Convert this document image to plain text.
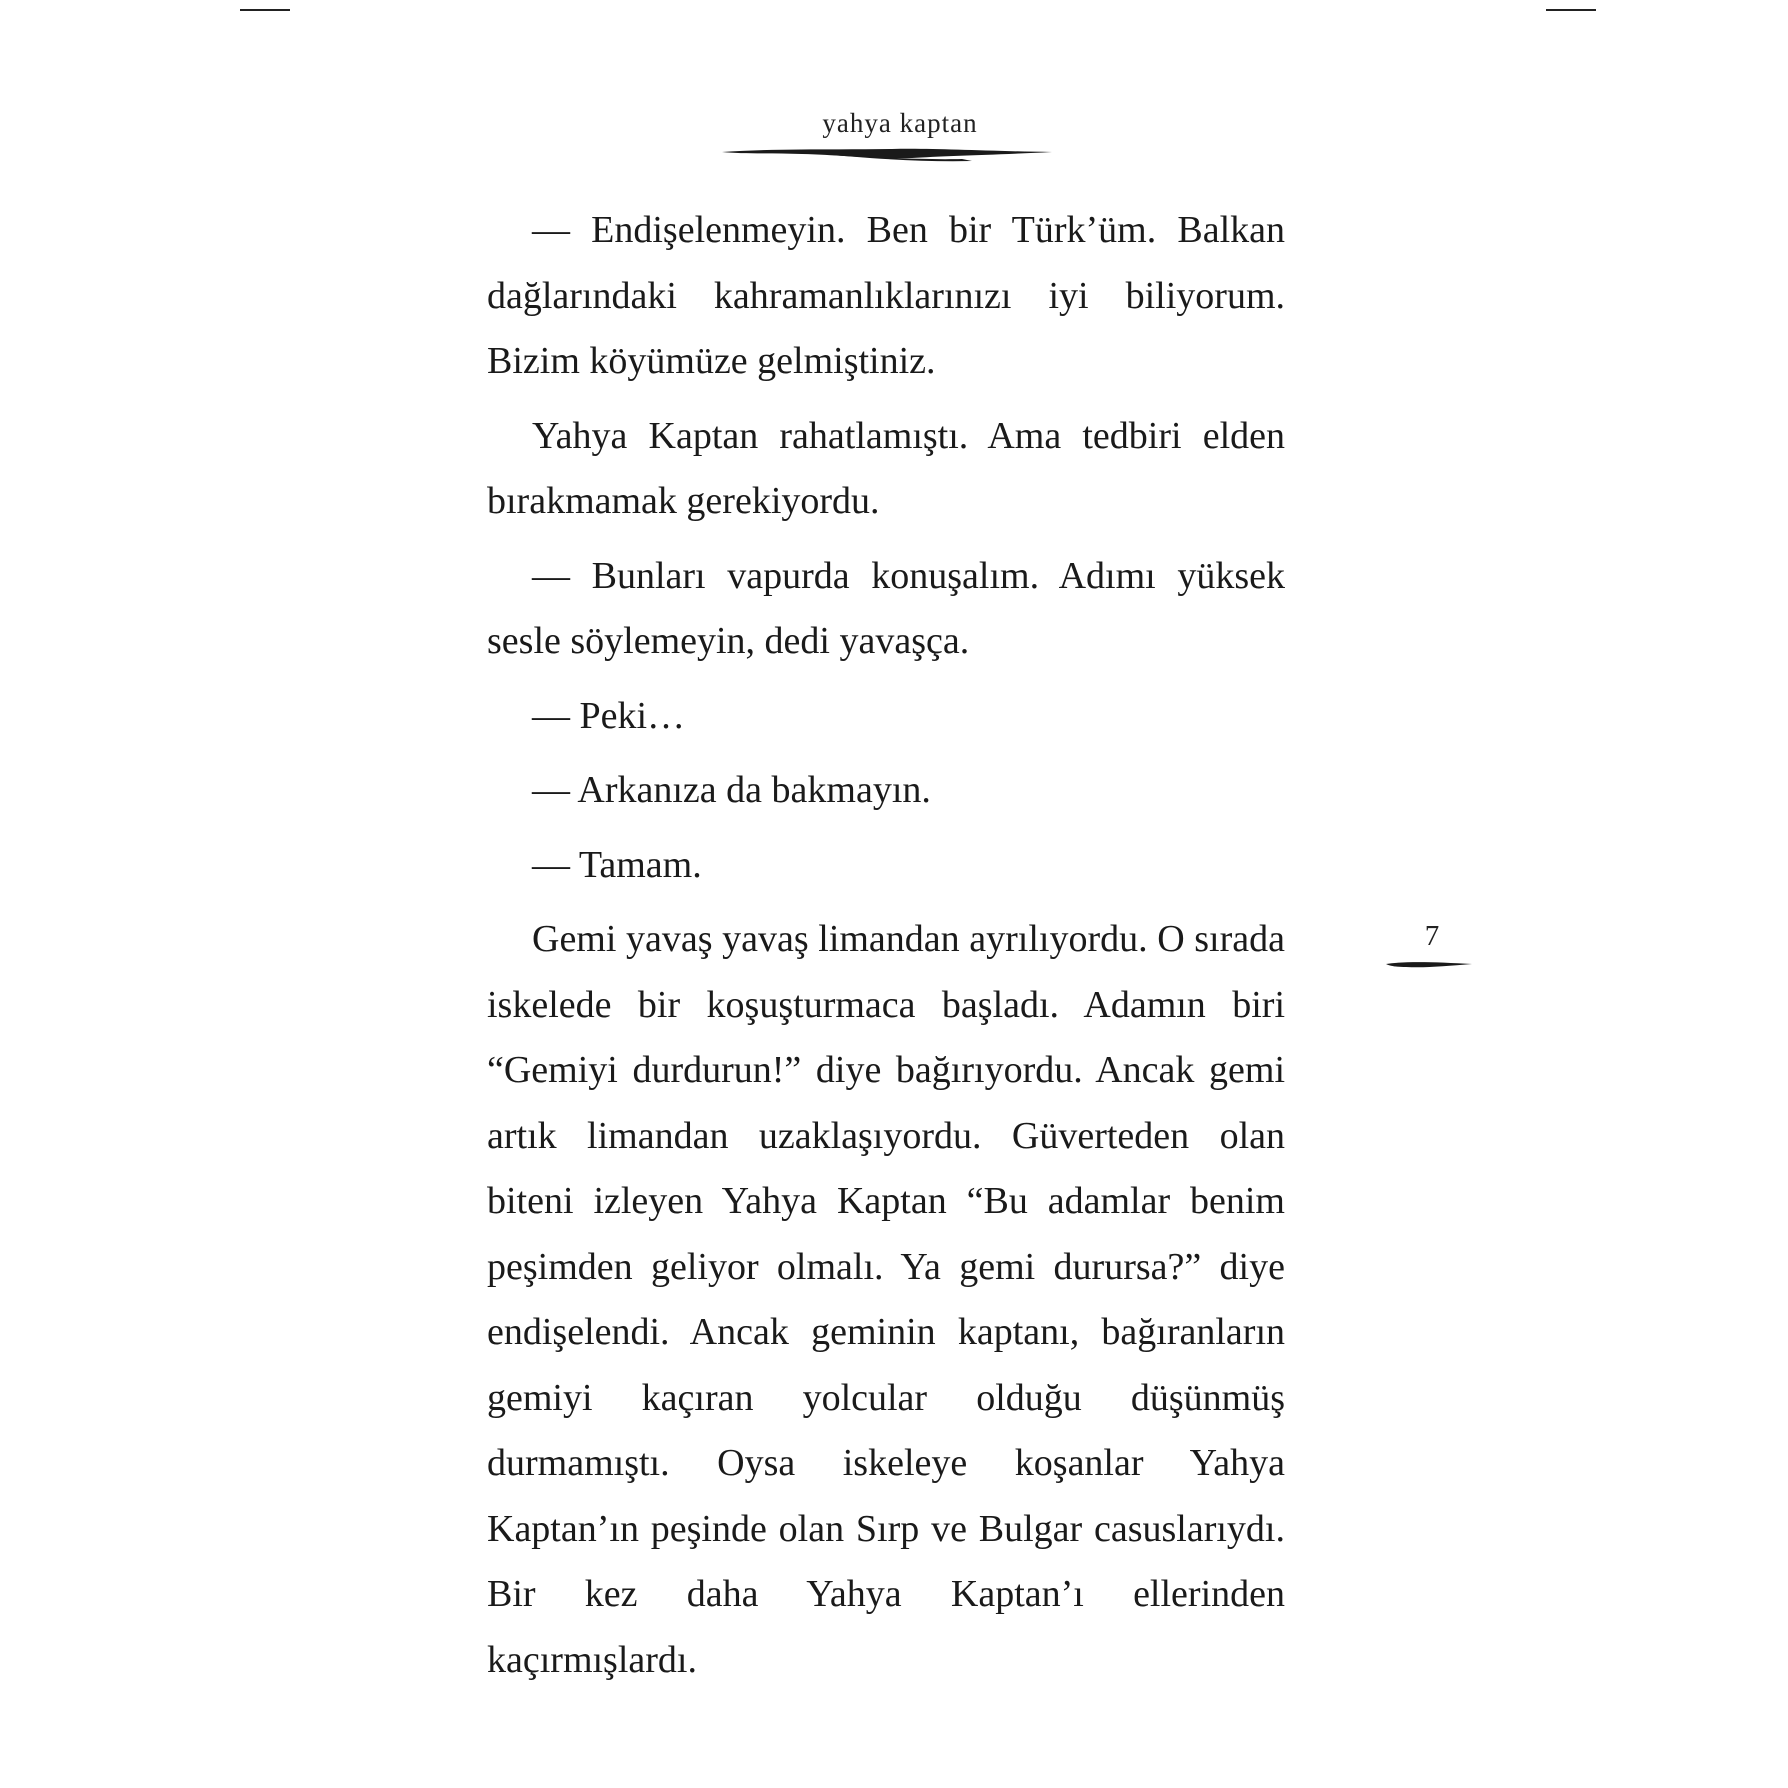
yahya kaptan

— Endişelenmeyin. Ben bir Türk’üm. Balkan dağlarındaki kahramanlıklarınızı iyi biliyorum. Bizim köyümüze gelmiştiniz.

Yahya Kaptan rahatlamıştı. Ama tedbiri elden bırakmamak gerekiyordu.

— Bunları vapurda konuşalım. Adımı yüksek sesle söylemeyin, dedi yavaşça.

— Peki…

— Arkanıza da bakmayın.

— Tamam.

Gemi yavaş yavaş limandan ayrılıyordu. O sırada iskelede bir koşuşturmaca başladı. Adamın biri “Gemiyi durdurun!” diye bağırıyordu. Ancak gemi artık limandan uzaklaşıyordu. Güverteden olan biteni izleyen Yahya Kaptan “Bu adamlar benim peşimden geliyor olmalı. Ya gemi durursa?” diye endişelendi. Ancak geminin kaptanı, bağıranların gemiyi kaçıran yolcular olduğu düşünmüş durmamıştı. Oysa iskeleye koşanlar Yahya Kaptan’ın peşinde olan Sırp ve Bulgar casuslarıydı. Bir kez daha Yahya Kaptan’ı ellerinden kaçırmışlardı.

7
